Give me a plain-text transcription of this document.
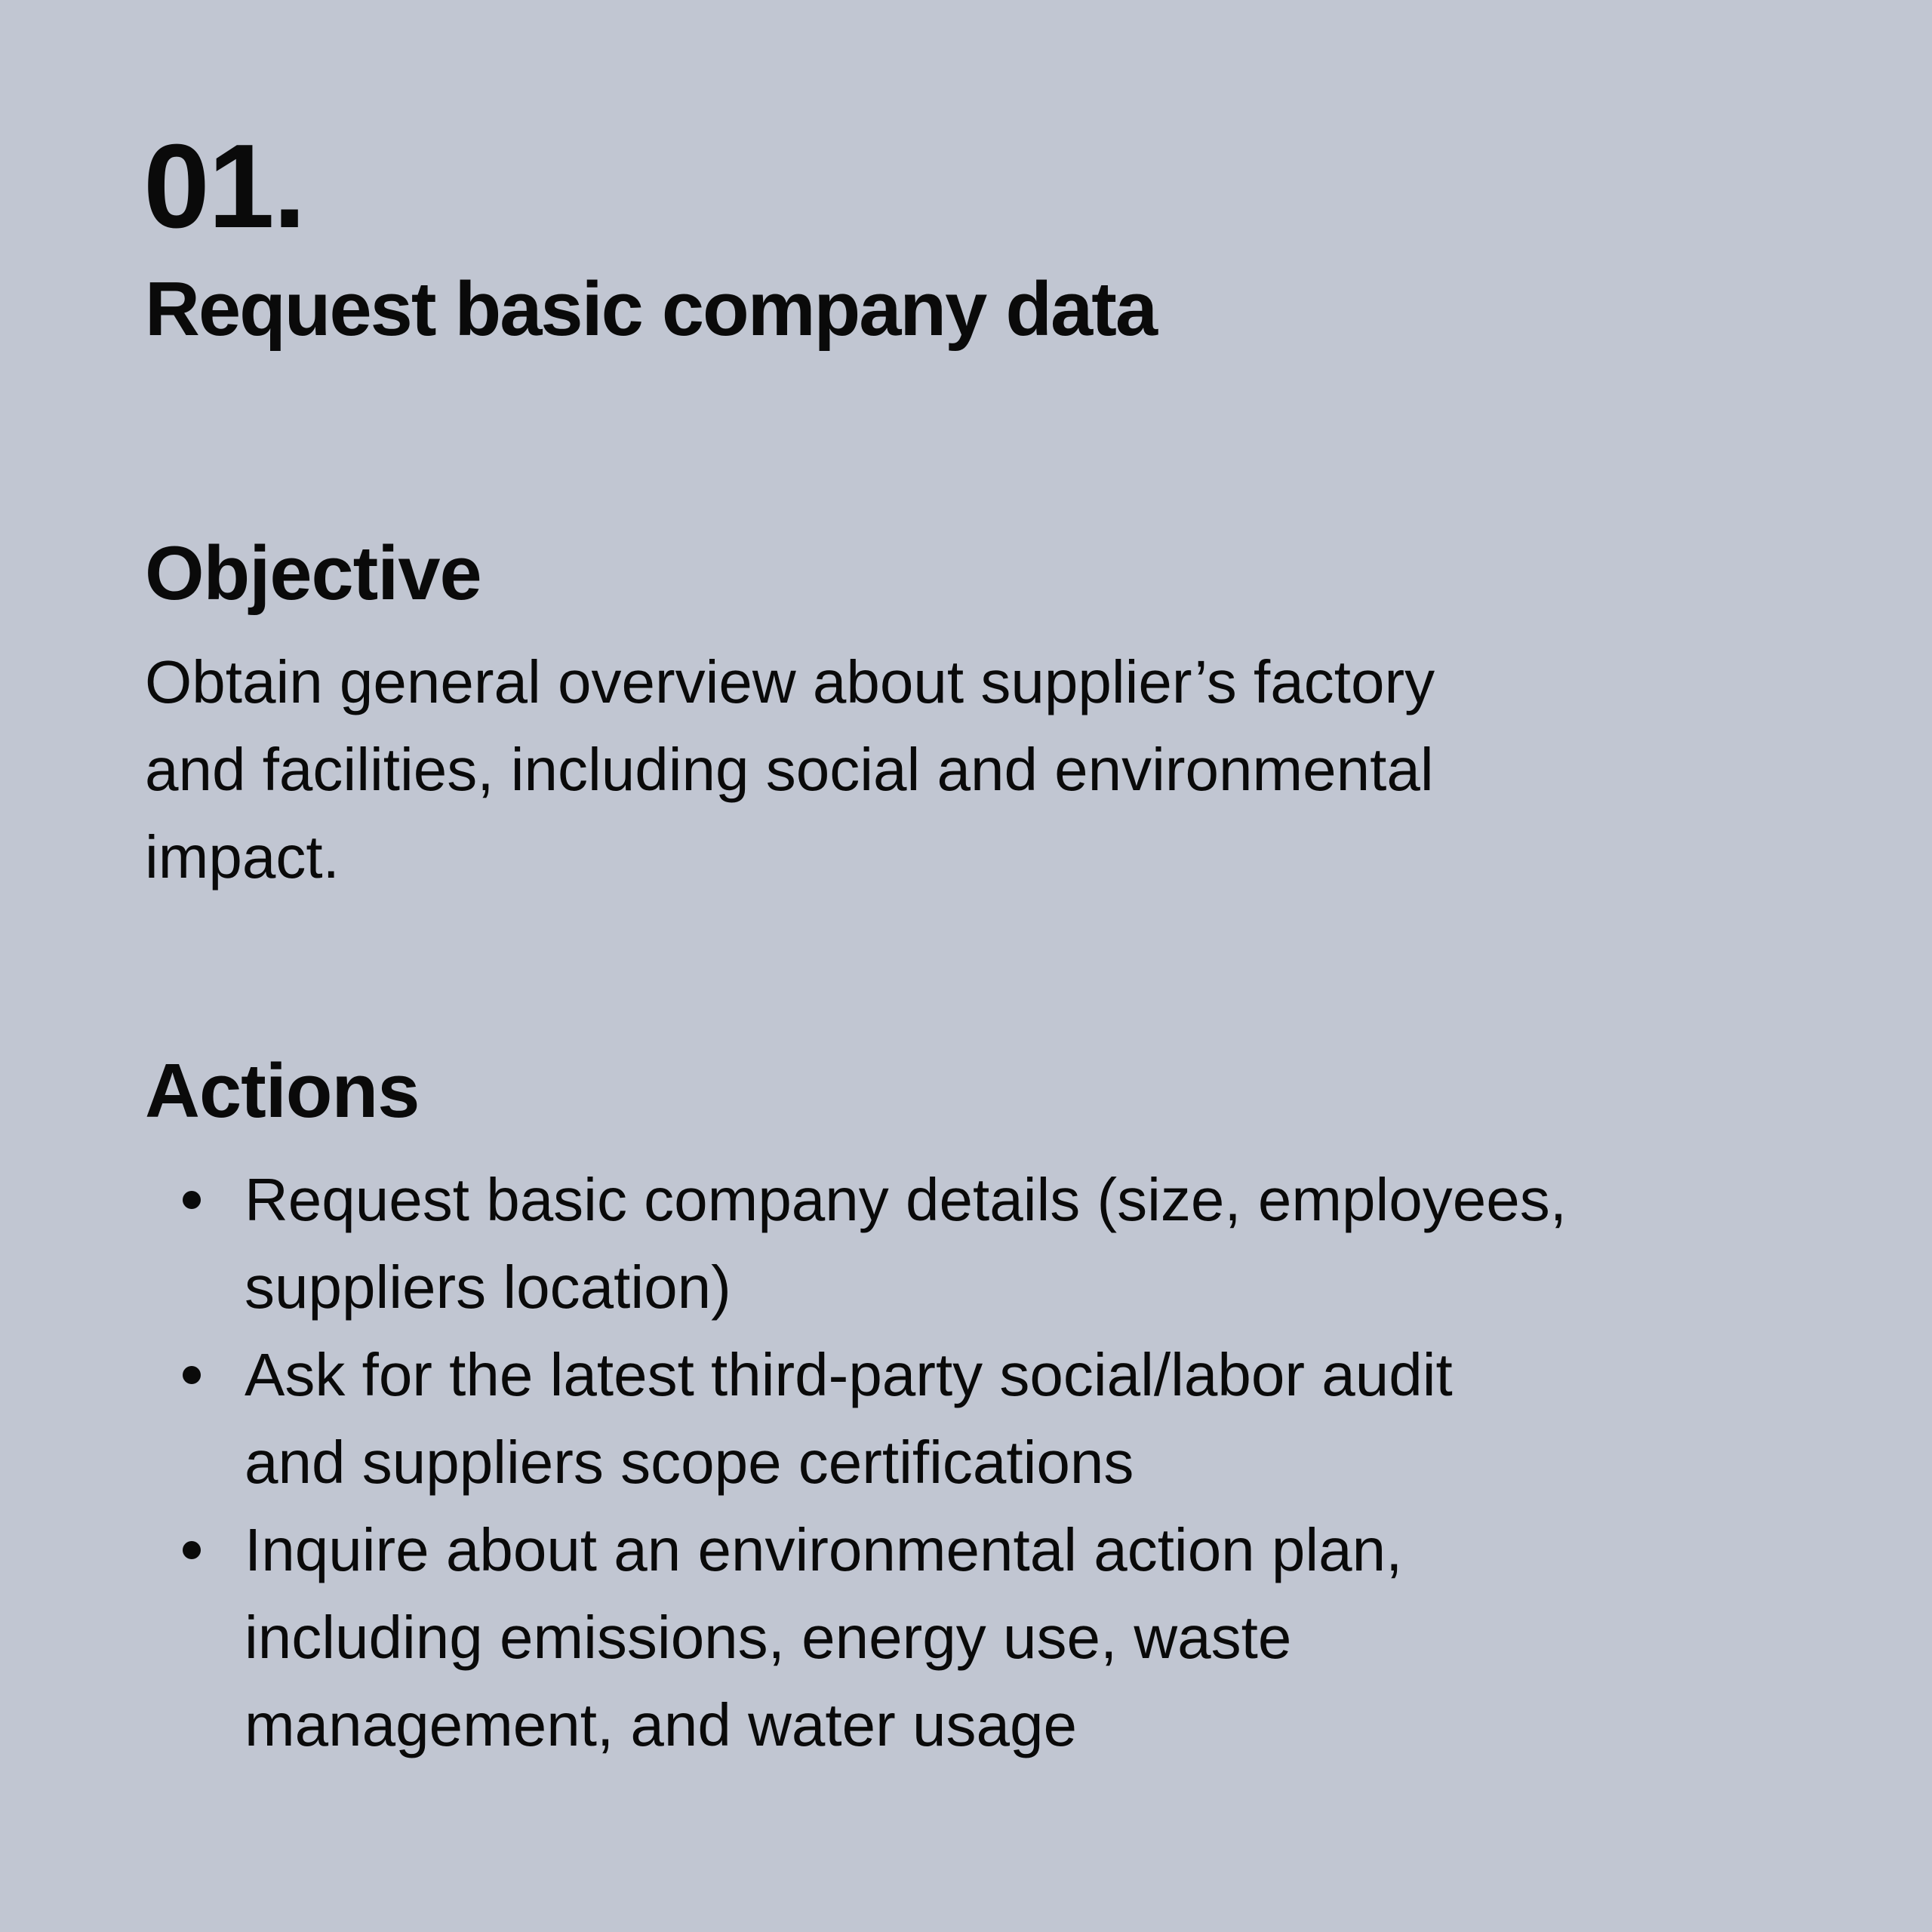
01.
Request basic company data
Objective

Obtain general overview about supplier’s factory
and facilities, including social and environmental
impact.

Actions
Request basic company details (size, employees,
suppliers location)
Ask for the latest third-party social/labor audit
and suppliers scope certifications
Inquire about an environmental action plan,
including emissions, energy use, waste
management, and water usage
